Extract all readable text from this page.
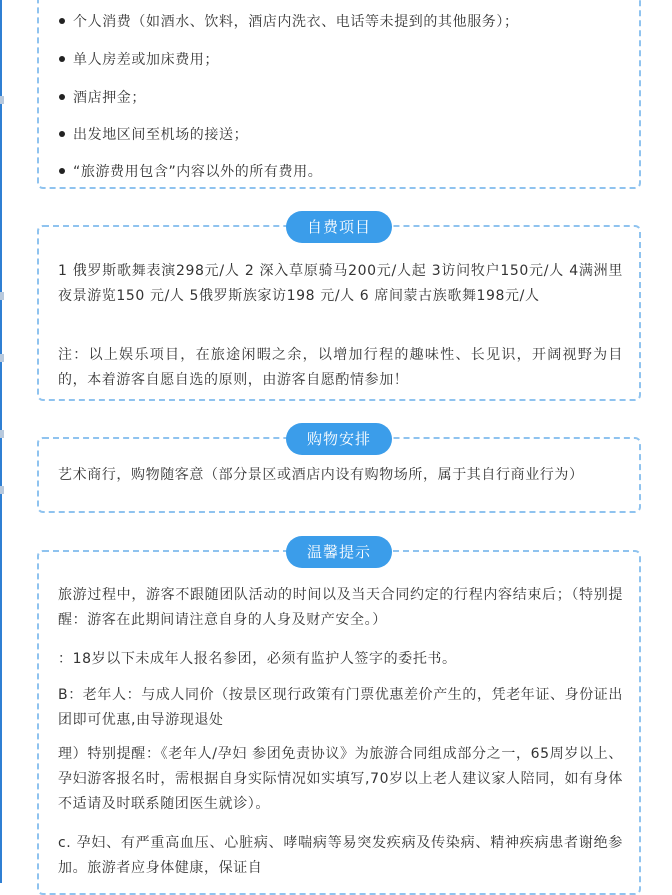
个人消费（如酒水、饮料，酒店内洗衣、电话等未提到的其他服务）；
单人房差或加床费用；
酒店押金；
出发地区间至机场的接送；
“旅游费用包含”内容以外的所有费用。
自费项目

1 俄罗斯歌舞表演298元/人 2 深入草原骑马200元/人起 3访问牧户150元/人 4满洲里夜景游览150 元/人 5俄罗斯族家访198 元/人 6 席间蒙古族歌舞198元/人

注：以上娱乐项目，在旅途闲暇之余，以增加行程的趣味性、长见识，开阔视野为目的，本着游客自愿自选的原则，由游客自愿酌情参加！

购物安排

艺术商行，购物随客意（部分景区或酒店内设有购物场所，属于其自行商业行为）

温馨提示

旅游过程中，游客不跟随团队活动的时间以及当天合同约定的行程内容结束后；（特别提醒：游客在此期间请注意自身的人身及财产安全。）

：18岁以下未成年人报名参团，必须有监护人签字的委托书。

B：老年人：与成人同价（按景区现行政策有门票优惠差价产生的，凭老年证、身份证出团即可优惠,由导游现退处

理）特别提醒：《老年人/孕妇 参团免责协议》为旅游合同组成部分之一，65周岁以上、孕妇游客报名时，需根据自身实际情况如实填写,70岁以上老人建议家人陪同，如有身体不适请及时联系随团医生就诊）。

c. 孕妇、有严重高血压、心脏病、哮喘病等易突发疾病及传染病、精神疾病患者谢绝参加。旅游者应身体健康，保证自
